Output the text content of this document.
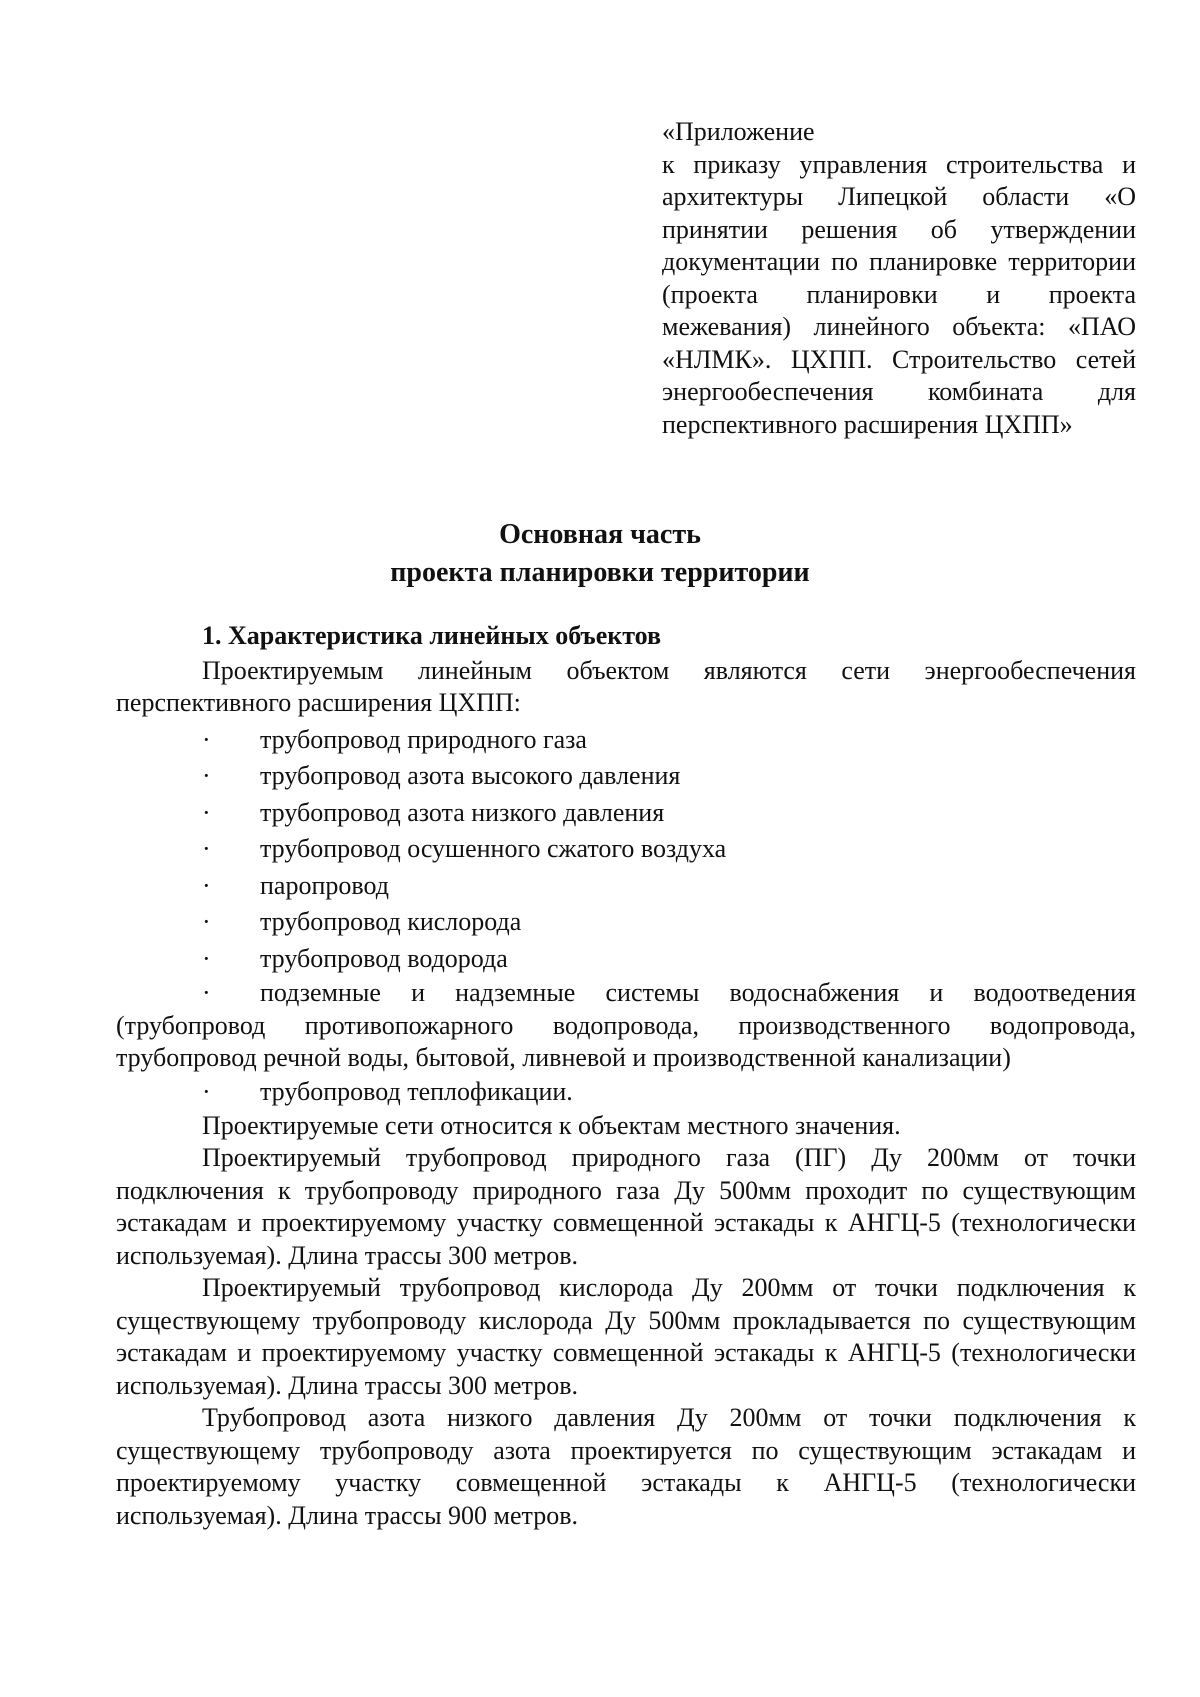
«Приложение
к приказу управления строительства и архитектуры Липецкой области «О принятии решения об утверждении документации по планировке территории (проекта планировки и проекта межевания) линейного объекта: «ПАО «НЛМК». ЦХПП. Строительство сетей энергообеспечения комбината для перспективного расширения ЦХПП»
Основная часть
проекта планировки территории
1. Характеристика линейных объектов
Проектируемым линейным объектом являются сети энергообеспечения перспективного расширения ЦХПП:
· трубопровод природного газа
· трубопровод азота высокого давления
· трубопровод азота низкого давления
· трубопровод осушенного сжатого воздуха
· паропровод
· трубопровод кислорода
· трубопровод водорода
· подземные и надземные системы водоснабжения и водоотведения (трубопровод противопожарного водопровода, производственного водопровода, трубопровод речной воды, бытовой, ливневой и производственной канализации)
· трубопровод теплофикации.
Проектируемые сети относится к объектам местного значения.
Проектируемый трубопровод природного газа (ПГ) Ду 200мм от точки подключения к трубопроводу природного газа Ду 500мм проходит по существующим эстакадам и проектируемому участку совмещенной эстакады к АНГЦ-5 (технологически используемая). Длина трассы 300 метров.
Проектируемый трубопровод кислорода Ду 200мм от точки подключения к существующему трубопроводу кислорода Ду 500мм прокладывается по существующим эстакадам и проектируемому участку совмещенной эстакады к АНГЦ-5 (технологически используемая). Длина трассы 300 метров.
Трубопровод азота низкого давления Ду 200мм от точки подключения к существующему трубопроводу азота проектируется по существующим эстакадам и проектируемому участку совмещенной эстакады к АНГЦ-5 (технологически используемая). Длина трассы 900 метров.
